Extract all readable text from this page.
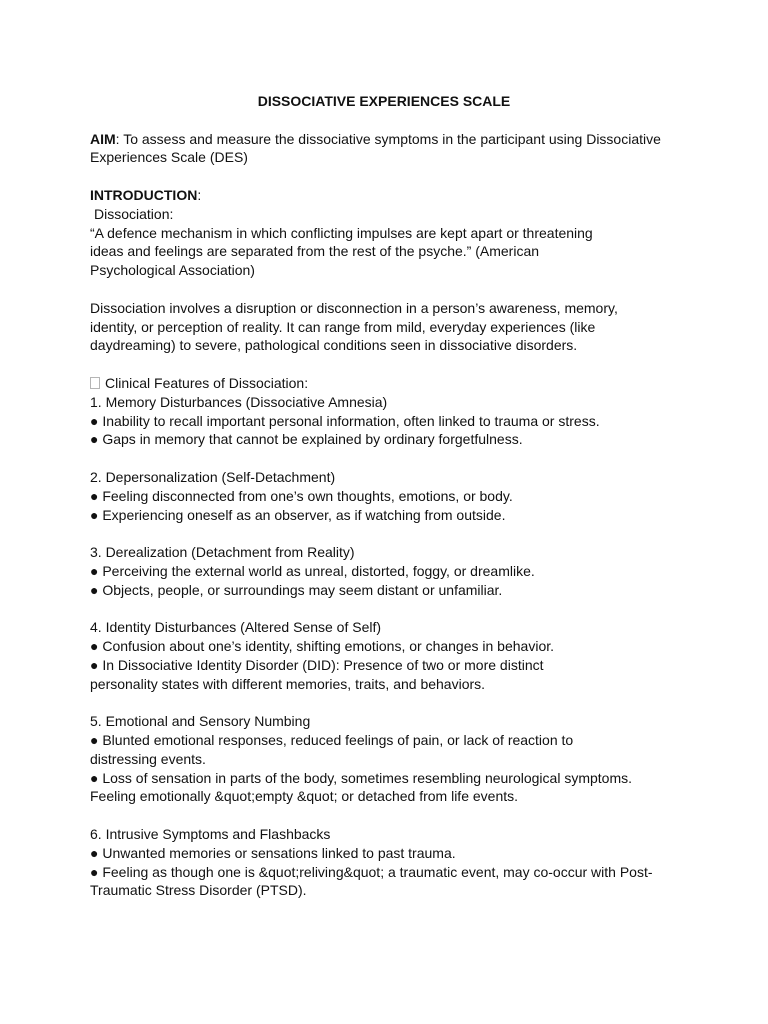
DISSOCIATIVE EXPERIENCES SCALE
AIM: To assess and measure the dissociative symptoms in the participant using Dissociative
Experiences Scale (DES)
INTRODUCTION:
Dissociation:
“A defence mechanism in which conflicting impulses are kept apart or threatening
ideas and feelings are separated from the rest of the psyche.” (American
Psychological Association)
Dissociation involves a disruption or disconnection in a person’s awareness, memory,
identity, or perception of reality. It can range from mild, everyday experiences (like
daydreaming) to severe, pathological conditions seen in dissociative disorders.
Clinical Features of Dissociation:
1. Memory Disturbances (Dissociative Amnesia)
● Inability to recall important personal information, often linked to trauma or stress.
● Gaps in memory that cannot be explained by ordinary forgetfulness.
2. Depersonalization (Self-Detachment)
● Feeling disconnected from one’s own thoughts, emotions, or body.
● Experiencing oneself as an observer, as if watching from outside.
3. Derealization (Detachment from Reality)
● Perceiving the external world as unreal, distorted, foggy, or dreamlike.
● Objects, people, or surroundings may seem distant or unfamiliar.
4. Identity Disturbances (Altered Sense of Self)
● Confusion about one’s identity, shifting emotions, or changes in behavior.
● In Dissociative Identity Disorder (DID): Presence of two or more distinct
personality states with different memories, traits, and behaviors.
5. Emotional and Sensory Numbing
● Blunted emotional responses, reduced feelings of pain, or lack of reaction to
distressing events.
● Loss of sensation in parts of the body, sometimes resembling neurological symptoms.
Feeling emotionally &quot;empty &quot; or detached from life events.
6. Intrusive Symptoms and Flashbacks
● Unwanted memories or sensations linked to past trauma.
● Feeling as though one is &quot;reliving&quot; a traumatic event, may co-occur with Post-
Traumatic Stress Disorder (PTSD).
